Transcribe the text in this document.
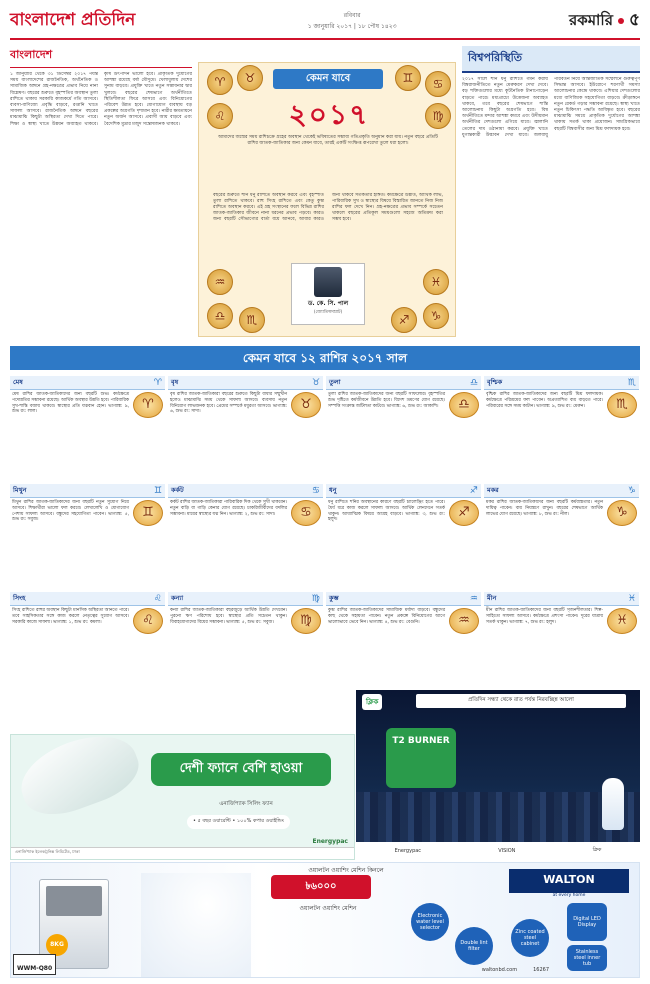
বাংলাদেশ প্রতিদিন	রবিবার
১ জানুয়ারি ২০১৭ | ১৮ পৌষ ১৪২৩	রকমারি ৫
বাংলাদেশ
১ জানুয়ারি থেকে ৩১ ডিসেম্বর ২০১৭ পর্যন্ত সময় বাংলাদেশের রাজনৈতিক, অর্থনৈতিক ও সামাজিক অঙ্গনে গ্রহ-নক্ষত্রের প্রভাব নিয়ে নানা বিশ্লেষণ। বছরের শুরুতে বৃহস্পতির অবস্থান তুলা রাশিতে থাকায় সরকারি কাজকর্মে গতি আসবে। ব্যবসা-বাণিজ্যে প্রবৃদ্ধি বাড়বে, রপ্তানি খাতে সাফল্য আসবে। রাজনৈতিক অঙ্গনে বছরের মাঝামাঝি কিছুটা অস্থিরতা দেখা দিতে পারে। শিক্ষা ও স্বাস্থ্য খাতে উন্নয়ন অব্যাহত থাকবে। কৃষি উৎপাদন ভালো হবে। প্রাকৃতিক দুর্যোগের আশঙ্কা রয়েছে বর্ষা মৌসুমে। খেলাধুলায় দেশের সুনাম বাড়বে। প্রযুক্তি খাতে নতুন সম্ভাবনার দ্বার খুলবে। বছরের শেষভাগে অর্থনীতিতে স্থিতিশীলতা ফিরে আসবে এবং বিনিয়োগের পরিবেশ উন্নত হবে। যোগাযোগ ব্যবস্থায় বড় প্রকল্পের অগ্রগতি দৃশ্যমান হবে। নারীর ক্ষমতায়নে নতুন অর্জন আসবে। প্রবাসী আয় বাড়বে এবং বৈদেশিক মুদ্রার মজুদ সন্তোষজনক থাকবে।
কেমন যাবে
২০১৭
♈	♉	♊	♋
♌	♍
আমাদের জন্মের সময় রাশিচক্রে গ্রহের অবস্থান থেকেই ভবিষ্যতের সম্ভাব্য গতিপ্রকৃতি অনুমান করা যায়। নতুন বছরে প্রতিটি রাশির জাতক-জাতিকার জন্য কেমন যাবে, তারই একটি সংক্ষিপ্ত রূপরেখা তুলে ধরা হলো।
বছরের শুরুতে শনি ধনু রাশিতে অবস্থান করবে এবং বৃহস্পতি তুলা রাশিতে থাকবে। রাহু সিংহ রাশিতে এবং কেতু কুম্ভ রাশিতে অবস্থান করবে। এই গ্রহ সংস্থানের ফলে বিভিন্ন রাশির জাতক-জাতিকার জীবনে নানা ধরনের প্রভাব পড়বে। কারও জন্য বছরটি সৌভাগ্যের বার্তা বয়ে আনবে, আবার কারও জন্য থাকবে সতর্কতার ইঙ্গিত। কর্মক্ষেত্রে উন্নতি, আর্থিক লাভ, পারিবারিক সুখ ও স্বাস্থ্যের বিষয়ে বিস্তারিত জানতে নিজ নিজ রাশির ফল দেখে নিন। গ্রহ-নক্ষত্রের প্রভাব সম্পর্কে সচেতন থাকলে বছরের প্রতিকূল সময়গুলো সহজে অতিক্রম করা সম্ভব হবে।
ড. কে. সি. পাল
(জ্যোতিষসম্রাট)
♎	♏	♐	♑
♒	♓
বিশ্বপরিস্থিতি
২০১৭ সালে শনি ধনু রাশিতে গমন করায় বিশ্বরাজনীতিতে নতুন মেরুকরণ দেখা দেবে। বড় শক্তিগুলোর মধ্যে কূটনৈতিক টানাপোড়েন বাড়তে পারে। মধ্যপ্রাচ্যে উত্তেজনা অব্যাহত থাকবে, তবে বছরের শেষভাগে শান্তি আলোচনায় কিছুটা অগ্রগতি হবে। বিশ্ব অর্থনীতিতে মন্দার আশঙ্কা কমবে এবং উদীয়মান অর্থনীতির দেশগুলো এগিয়ে যাবে। জ্বালানি তেলের দাম ওঠানামা করবে। প্রযুক্তি খাতে যুগান্তকারী উদ্ভাবন দেখা যাবে। জলবায়ু পরিবর্তন নিয়ে আন্তর্জাতিক সম্মেলনে গুরুত্বপূর্ণ সিদ্ধান্ত আসবে। ইউরোপে শরণার্থী সমস্যা আলোচনার কেন্দ্রে থাকবে। এশিয়ার দেশগুলোর মধ্যে বাণিজ্যিক সহযোগিতা বাড়বে। ক্রীড়াঙ্গনে নতুন রেকর্ড গড়ার সম্ভাবনা রয়েছে। স্বাস্থ্য খাতে নতুন চিকিৎসা পদ্ধতি আবিষ্কৃত হবে। বছরের মাঝামাঝি সময়ে প্রাকৃতিক দুর্যোগের আশঙ্কা থাকায় সতর্ক থাকা প্রয়োজন। সামগ্রিকভাবে বছরটি বিশ্ববাসীর জন্য মিশ্র ফলদায়ক হবে।
কেমন যাবে ১২ রাশির ২০১৭ সাল
মেষ	♈
♈
মেষ রাশির জাতক-জাতিকাদের জন্য বছরটি শুভ। কর্মক্ষেত্রে পদোন্নতির সম্ভাবনা রয়েছে। আর্থিক অবস্থার উন্নতি হবে। পারিবারিক সুখ-শান্তি বজায় থাকবে। স্বাস্থ্যের প্রতি যত্নবান হোন। ভাগ্যাঙ্ক: ৯, শুভ রং: লাল।
বৃষ	♉
♉
বৃষ রাশির জাতক-জাতিকারা বছরের শুরুতে কিছুটা বাধার সম্মুখীন হলেও মাঝামাঝি সময় থেকে সাফল্য আসবে। ব্যবসায় নতুন বিনিয়োগ লাভজনক হবে। প্রেমের সম্পর্কে মধুরতা আসবে। ভাগ্যাঙ্ক: ৬, শুভ রং: সাদা।
তুলা	♎
♎
তুলা রাশির জাতক-জাতিকাদের জন্য বছরটি সাফল্যের। বৃহস্পতির শুভ দৃষ্টিতে কর্মজীবনে উন্নতি হবে। বিদেশ ভ্রমণের যোগ রয়েছে। সম্পত্তি সংক্রান্ত জটিলতা কাটবে। ভাগ্যাঙ্ক: ৬, শুভ রং: আকাশি।
বৃশ্চিক	♏
♏
বৃশ্চিক রাশির জাতক-জাতিকাদের জন্য বছরটি মিশ্র ফলদায়ক। কর্মক্ষেত্রে পরিশ্রমের ফল পাবেন। অপ্রত্যাশিত ব্যয় বাড়তে পারে। পরিবারের সঙ্গে সময় কাটান। ভাগ্যাঙ্ক: ৯, শুভ রং: মেরুন।
মিথুন	♊
♊
মিথুন রাশির জাতক-জাতিকাদের জন্য বছরটি নতুন সুযোগ নিয়ে আসবে। শিক্ষার্থীরা ভালো ফল করবে। লেখালেখি ও যোগাযোগ পেশায় সাফল্য আসবে। বন্ধুদের সহযোগিতা পাবেন। ভাগ্যাঙ্ক: ৫, শুভ রং: সবুজ।
কর্কট	♋
♋
কর্কট রাশির জাতক-জাতিকারা পারিবারিক দিক থেকে সুখী থাকবেন। নতুন বাড়ি বা গাড়ি কেনার যোগ রয়েছে। চাকরিজীবীদের বদলির সম্ভাবনা। মায়ের স্বাস্থ্যের যত্ন নিন। ভাগ্যাঙ্ক: ২, শুভ রং: সাদা।
ধনু	♐
♐
ধনু রাশিতে শনির অবস্থানের কারণে বছরটি চ্যালেঞ্জিং হতে পারে। ধৈর্য ধরে কাজ করলে সাফল্য আসবে। আর্থিক লেনদেনে সতর্ক থাকুন। আধ্যাত্মিক বিষয়ে আগ্রহ বাড়বে। ভাগ্যাঙ্ক: ৩, শুভ রং: হলুদ।
মকর	♑
♑
মকর রাশির জাতক-জাতিকাদের জন্য বছরটি কর্মব্যস্ততার। নতুন দায়িত্ব পাবেন। ব্যয় নিয়ন্ত্রণে রাখুন। বছরের শেষভাগে আর্থিক লাভের যোগ রয়েছে। ভাগ্যাঙ্ক: ৮, শুভ রং: নীল।
সিংহ	♌
♌
সিংহ রাশিতে রাহুর অবস্থান কিছুটা মানসিক অস্থিরতা আনতে পারে। তবে সাহসিকতার সঙ্গে কাজ করলে নেতৃত্বের সুযোগ আসবে। সরকারি কাজে সাফল্য। ভাগ্যাঙ্ক: ১, শুভ রং: কমলা।
কন্যা	♍
♍
কন্যা রাশির জাতক-জাতিকারা বছরজুড়ে আর্থিক উন্নতি দেখবেন। পুরনো ঋণ পরিশোধ হবে। স্বাস্থ্যের প্রতি সচেতন থাকুন। বিবাহযোগ্যদের বিয়ের সম্ভাবনা। ভাগ্যাঙ্ক: ৫, শুভ রং: সবুজ।
কুম্ভ	♒
♒
কুম্ভ রাশির জাতক-জাতিকাদের সামাজিক মর্যাদা বাড়বে। বন্ধুদের কাছ থেকে সহায়তা পাবেন। নতুন প্রকল্পে বিনিয়োগের আগে ভালোভাবে ভেবে নিন। ভাগ্যাঙ্ক: ৪, শুভ রং: বেগুনি।
মীন	♓
♓
মীন রাশির জাতক-জাতিকাদের জন্য বছরটি সৃজনশীলতার। শিল্প-সাহিত্যে সাফল্য আসবে। কর্মক্ষেত্রে প্রশংসা পাবেন। দূরের যাত্রায় সতর্ক থাকুন। ভাগ্যাঙ্ক: ৭, শুভ রং: হলুদ।
দেশী ফ্যানে বেশি হাওয়া
এনার্জিপ্যাক সিলিং ফ্যান
• ৫ বছর ওয়ারেন্টি • ১০০% কপার ওয়াইন্ডিং
Energypac
এনার্জিপ্যাক ইলেকট্রনিক্স লিমিটেড, ঢাকা
ক্লিক	প্রতিদিন সন্ধ্যা থেকে রাত পর্যন্ত নিরবচ্ছিন্ন আলো
T2 BURNER
Energypac	VISION	ক্লিক
8KG
WWM-Q80
ওয়ালটন ওয়াশিং মেশিন কিনলে
৳৬০০০
ওয়ালটন ওয়াশিং মেশিন
WALTON
at every home
Electronic water level selector
Digital LED Display
Double lint filter
Zinc coated steel cabinet
Stainless steel inner tub
waltonbd.com	16267
